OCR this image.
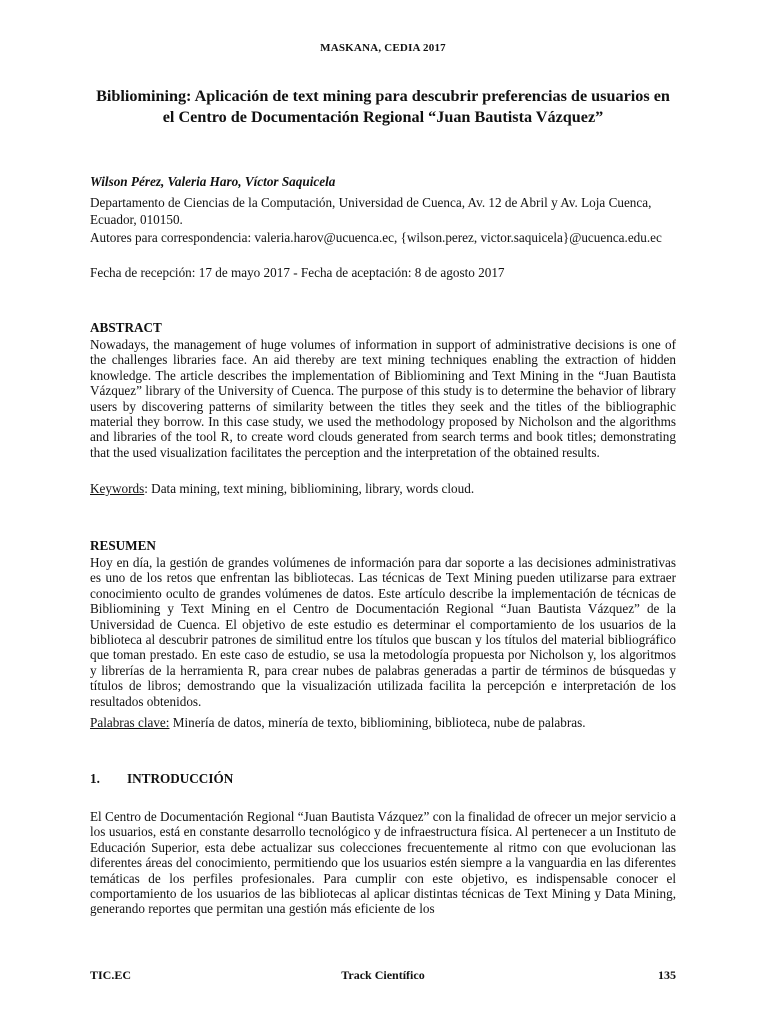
MASKANA, CEDIA 2017
Bibliomining: Aplicación de text mining para descubrir preferencias de usuarios en el Centro de Documentación Regional “Juan Bautista Vázquez”
Wilson Pérez, Valeria Haro, Víctor Saquicela
Departamento de Ciencias de la Computación, Universidad de Cuenca, Av. 12 de Abril y Av. Loja Cuenca, Ecuador, 010150.
Autores para correspondencia: valeria.harov@ucuenca.ec, {wilson.perez, victor.saquicela}@ucuenca.edu.ec
Fecha de recepción: 17 de mayo 2017 - Fecha de aceptación: 8 de agosto 2017
ABSTRACT
Nowadays, the management of huge volumes of information in support of administrative decisions is one of the challenges libraries face. An aid thereby are text mining techniques enabling the extraction of hidden knowledge. The article describes the implementation of Bibliomining and Text Mining in the “Juan Bautista Vázquez” library of the University of Cuenca. The purpose of this study is to determine the behavior of library users by discovering patterns of similarity between the titles they seek and the titles of the bibliographic material they borrow. In this case study, we used the methodology proposed by Nicholson and the algorithms and libraries of the tool R, to create word clouds generated from search terms and book titles; demonstrating that the used visualization facilitates the perception and the interpretation of the obtained results.
Keywords: Data mining, text mining, bibliomining, library, words cloud.
RESUMEN
Hoy en día, la gestión de grandes volúmenes de información para dar soporte a las decisiones administrativas es uno de los retos que enfrentan las bibliotecas. Las técnicas de Text Mining pueden utilizarse para extraer conocimiento oculto de grandes volúmenes de datos. Este artículo describe la implementación de técnicas de Bibliomining y Text Mining en el Centro de Documentación Regional “Juan Bautista Vázquez” de la Universidad de Cuenca. El objetivo de este estudio es determinar el comportamiento de los usuarios de la biblioteca al descubrir patrones de similitud entre los títulos que buscan y los títulos del material bibliográfico que toman prestado. En este caso de estudio, se usa la metodología propuesta por Nicholson y, los algoritmos y librerías de la herramienta R, para crear nubes de palabras generadas a partir de términos de búsquedas y títulos de libros; demostrando que la visualización utilizada facilita la percepción e interpretación de los resultados obtenidos.
Palabras clave: Minería de datos, minería de texto, bibliomining, biblioteca, nube de palabras.
1. INTRODUCCIÓN
El Centro de Documentación Regional “Juan Bautista Vázquez” con la finalidad de ofrecer un mejor servicio a los usuarios, está en constante desarrollo tecnológico y de infraestructura física. Al pertenecer a un Instituto de Educación Superior, esta debe actualizar sus colecciones frecuentemente al ritmo con que evolucionan las diferentes áreas del conocimiento, permitiendo que los usuarios estén siempre a la vanguardia en las diferentes temáticas de los perfiles profesionales. Para cumplir con este objetivo, es indispensable conocer el comportamiento de los usuarios de las bibliotecas al aplicar distintas técnicas de Text Mining y Data Mining, generando reportes que permitan una gestión más eficiente de los
TIC.EC	Track Científico	135
